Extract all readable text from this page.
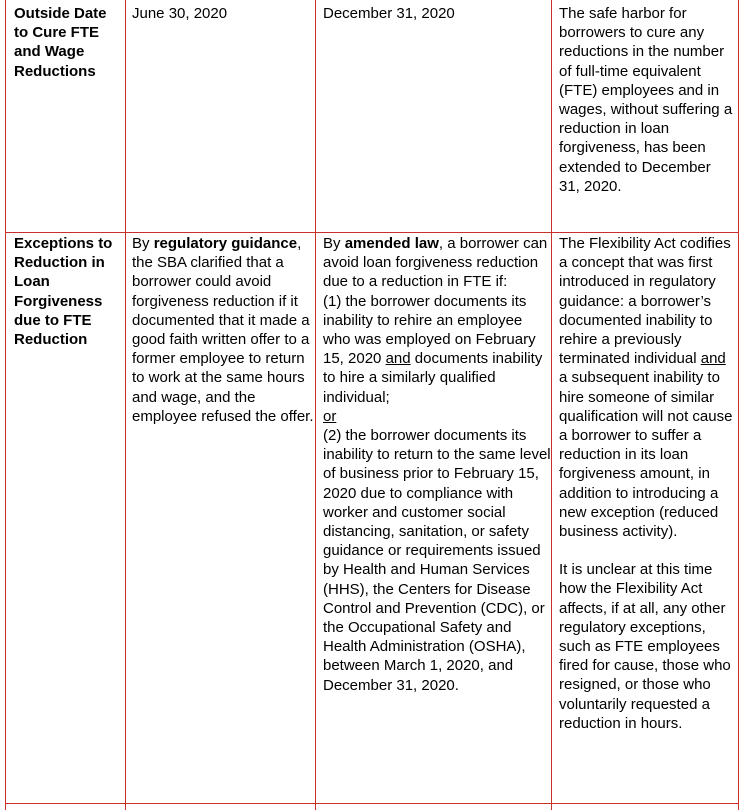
Outside Date to Cure FTE and Wage Reductions
June 30, 2020	December 31, 2020	The safe harbor for borrowers to cure any reductions in the number of full-time equivalent (FTE) employees and in wages, without suffering a reduction in loan forgiveness, has been extended to December 31, 2020.
Exceptions to Reduction in Loan Forgiveness due to FTE Reduction
By regulatory guidance, the SBA clarified that a borrower could avoid forgiveness reduction if it documented that it made a good faith written offer to a former employee to return to work at the same hours and wage, and the employee refused the offer.
By amended law, a borrower can avoid loan forgiveness reduction due to a reduction in FTE if:
(1) the borrower documents its inability to rehire an employee who was employed on February 15, 2020 and documents inability to hire a similarly qualified individual;
or
(2) the borrower documents its inability to return to the same level of business prior to February 15, 2020 due to compliance with worker and customer social distancing, sanitation, or safety guidance or requirements issued by Health and Human Services (HHS), the Centers for Disease Control and Prevention (CDC), or the Occupational Safety and Health Administration (OSHA), between March 1, 2020, and December 31, 2020.
The Flexibility Act codifies a concept that was first introduced in regulatory guidance: a borrower’s documented inability to rehire a previously terminated individual and a subsequent inability to hire someone of similar qualification will not cause a borrower to suffer a reduction in its loan forgiveness amount, in addition to introducing a new exception (reduced business activity).
It is unclear at this time how the Flexibility Act affects, if at all, any other regulatory exceptions, such as FTE employees fired for cause, those who resigned, or those who voluntarily requested a reduction in hours.
